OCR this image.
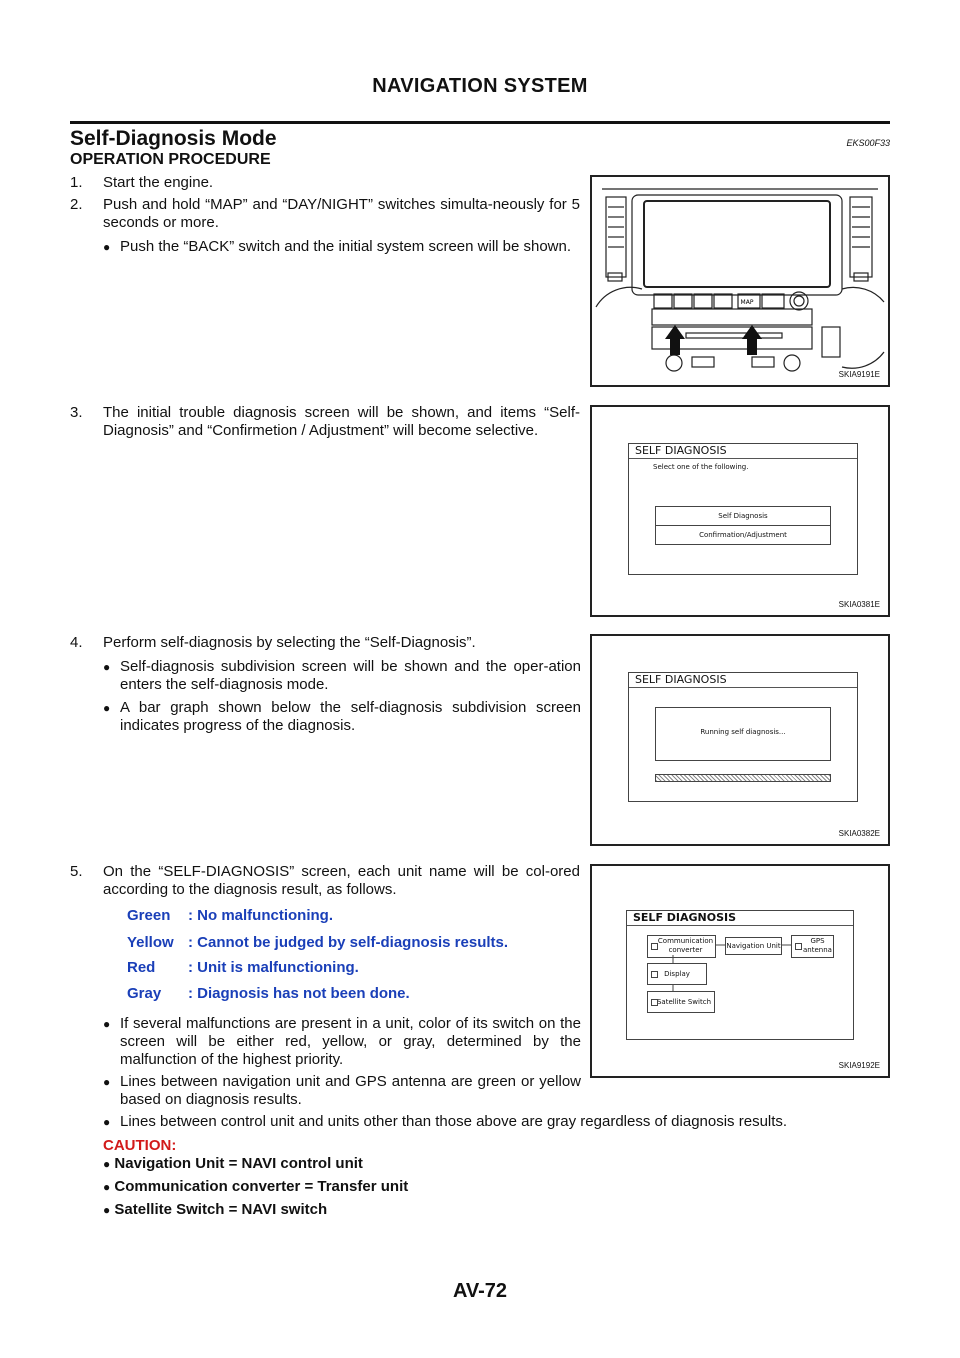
NAVIGATION SYSTEM
Self-Diagnosis Mode	EKS00F33
OPERATION PROCEDURE
1. Start the engine.
2. Push and hold “MAP” and “DAY/NIGHT” switches simulta-neously for 5 seconds or more.
● Push the “BACK” switch and the initial system screen will be shown.
MAP
SKIA9191E
3. The initial trouble diagnosis screen will be shown, and items “Self-Diagnosis” and “Confirmetion / Adjustment” will become selective.
SELF DIAGNOSIS
Select one of the following.
Self Diagnosis
Confirmation/Adjustment
SKIA0381E
4. Perform self-diagnosis by selecting the “Self-Diagnosis”.
● Self-diagnosis subdivision screen will be shown and the oper-ation enters the self-diagnosis mode.
● A bar graph shown below the self-diagnosis subdivision screen indicates progress of the diagnosis.
SELF DIAGNOSIS
Running self diagnosis...
SKIA0382E
5. On the “SELF-DIAGNOSIS” screen, each unit name will be col-ored according to the diagnosis result, as follows.
Green : No malfunctioning.
Yellow : Cannot be judged by self-diagnosis results.
Red : Unit is malfunctioning.
Gray : Diagnosis has not been done.
● If several malfunctions are present in a unit, color of its switch on the screen will be either red, yellow, or gray, determined by the malfunction of the highest priority.
● Lines between navigation unit and GPS antenna are green or yellow based on diagnosis results.
● Lines between control unit and units other than those above are gray regardless of diagnosis results.
SELF DIAGNOSIS
Communication converter	Navigation Unit
GPS antenna
Display
Satellite Switch
SKIA9192E
CAUTION:
● Navigation Unit = NAVI control unit
● Communication converter = Transfer unit
● Satellite Switch = NAVI switch
AV-72
